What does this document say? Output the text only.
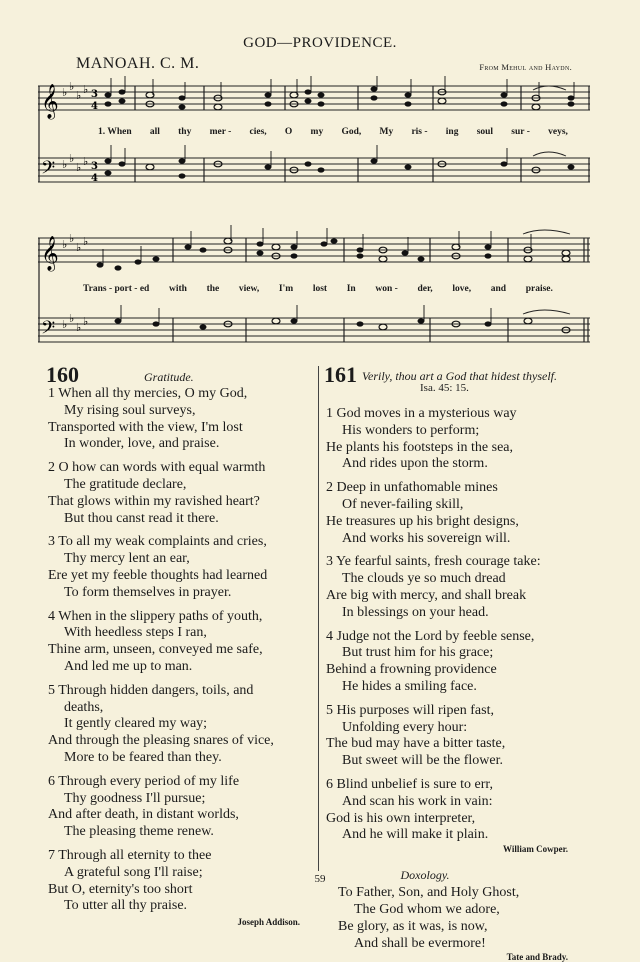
GOD—PROVIDENCE.
MANOAH. C. M.	From Mehul and Haydn.
𝄞
𝄢
♭ ♭
♭ ♭
♭ ♭
♭ ♭
3
4
3
4
1. When all thy mer - cies, O my God, My ris - ing soul sur - veys,
𝄞
𝄢
♭ ♭
♭ ♭
♭ ♭
♭ ♭
Trans - port - ed with the view, I'm lost In won - der, love, and praise.
160	Gratitude.
1 When all thy mercies, O my God,
My rising soul surveys,
Transported with the view, I'm lost
In wonder, love, and praise.
2 O how can words with equal warmth
The gratitude declare,
That glows within my ravished heart?
But thou canst read it there.
3 To all my weak complaints and cries,
Thy mercy lent an ear,
Ere yet my feeble thoughts had learned
To form themselves in prayer.
4 When in the slippery paths of youth,
With heedless steps I ran,
Thine arm, unseen, conveyed me safe,
And led me up to man.
5 Through hidden dangers, toils, and
deaths,
It gently cleared my way;
And through the pleasing snares of vice,
More to be feared than they.
6 Through every period of my life
Thy goodness I'll pursue;
And after death, in distant worlds,
The pleasing theme renew.
7 Through all eternity to thee
A grateful song I'll raise;
But O, eternity's too short
To utter all thy praise.
Joseph Addison.
161 Verily, thou art a God that hidest thyself.
Isa. 45: 15.
1 God moves in a mysterious way
His wonders to perform;
He plants his footsteps in the sea,
And rides upon the storm.
2 Deep in unfathomable mines
Of never-failing skill,
He treasures up his bright designs,
And works his sovereign will.
3 Ye fearful saints, fresh courage take:
The clouds ye so much dread
Are big with mercy, and shall break
In blessings on your head.
4 Judge not the Lord by feeble sense,
But trust him for his grace;
Behind a frowning providence
He hides a smiling face.
5 His purposes will ripen fast,
Unfolding every hour:
The bud may have a bitter taste,
But sweet will be the flower.
6 Blind unbelief is sure to err,
And scan his work in vain:
God is his own interpreter,
And he will make it plain.
William Cowper.
Doxology.
To Father, Son, and Holy Ghost,
The God whom we adore,
Be glory, as it was, is now,
And shall be evermore!
Tate and Brady.
59
